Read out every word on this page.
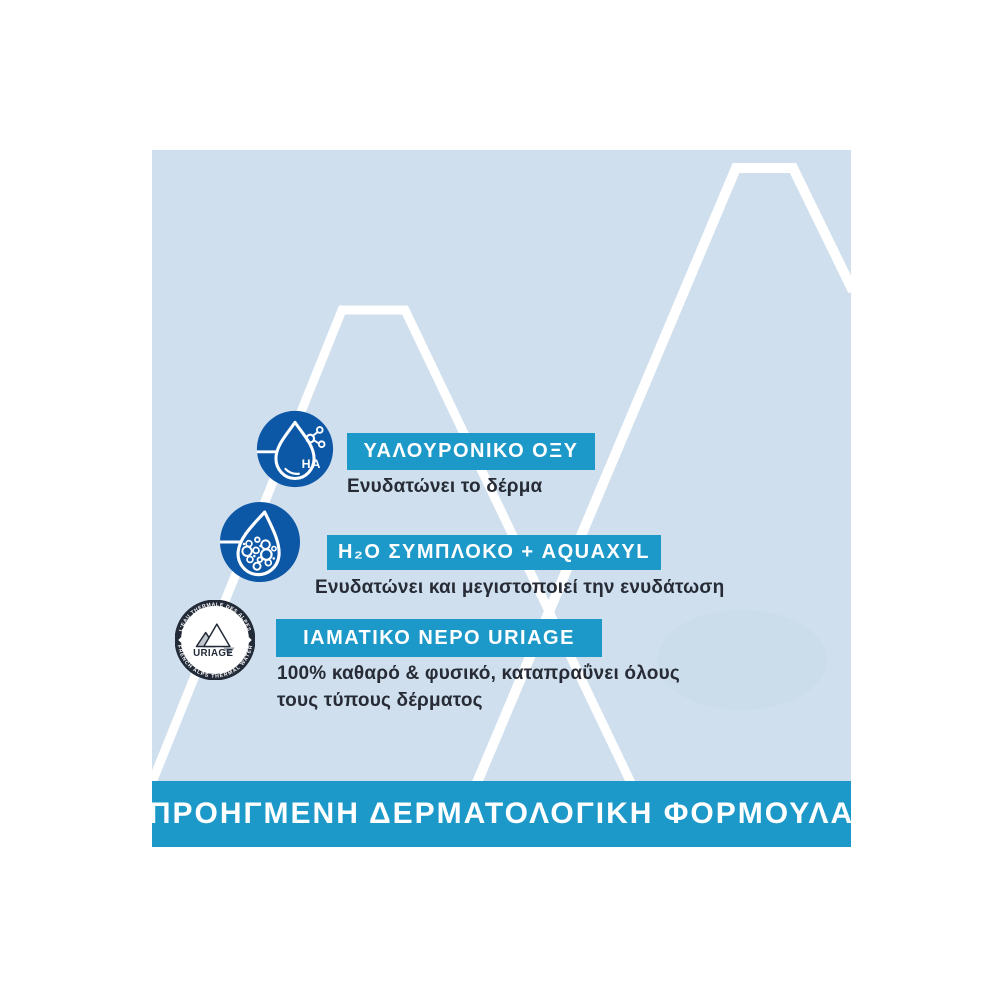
HA
ΥΑΛΟΥΡΟΝΙΚΟ ΟΞΥ
Ενυδατώνει το δέρμα
H₂O ΣΥΜΠΛΟΚΟ + AQUAXYL
Ενυδατώνει και μεγιστοποιεί την ενυδάτωση
L'EAU THERMALE DES ALPES
FRENCH ALPS THERMAL WATER
URIAGE
ΙΑΜΑΤΙΚΟ ΝΕΡΟ URIAGE
100% καθαρό & φυσικό, καταπραΰνει όλους
τους τύπους δέρματος
ΠΡΟΗΓΜΕΝΗ ΔΕΡΜΑΤΟΛΟΓΙΚΗ ΦΟΡΜΟΥΛΑ
